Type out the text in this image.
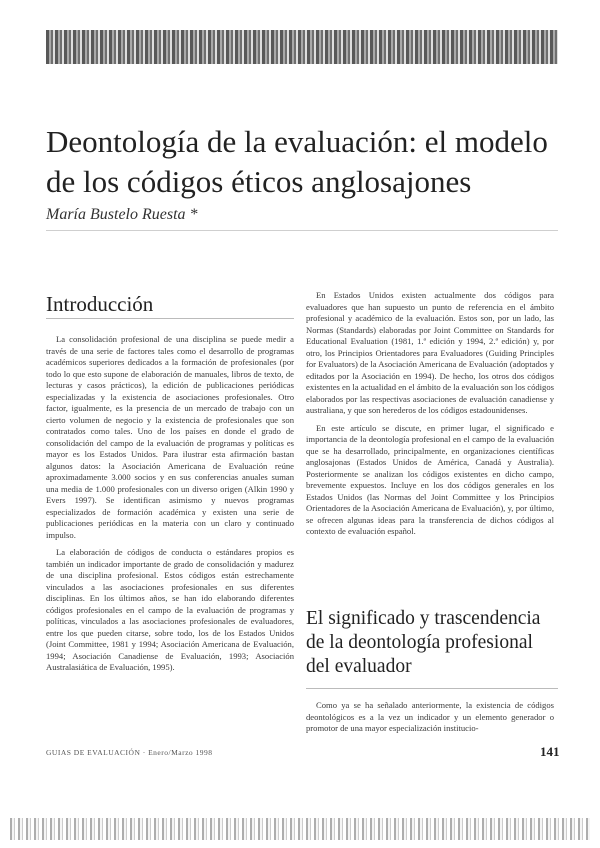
Deontología de la evaluación: el modelo de los códigos éticos anglosajones
María Bustelo Ruesta *
Introducción

La consolidación profesional de una disciplina se puede medir a través de una serie de factores tales como el desarrollo de programas académicos superiores dedicados a la formación de profesionales (por todo lo que esto supone de elaboración de manuales, libros de texto, de lecturas y casos prácticos), la edición de publicaciones periódicas especializadas y la existencia de asociaciones profesionales. Otro factor, igualmente, es la presencia de un mercado de trabajo con un cierto volumen de negocio y la existencia de profesionales que son contratados como tales. Uno de los países en donde el grado de consolidación del campo de la evaluación de programas y políticas es mayor es los Estados Unidos. Para ilustrar esta afirmación bastan algunos datos: la Asociación Americana de Evaluación reúne aproximadamente 3.000 socios y en sus conferencias anuales suman una media de 1.000 profesionales con un diverso origen (Alkin 1990 y Evers 1997). Se identifican asimismo y nuevos programas especializados de formación académica y existen una serie de publicaciones periódicas en la materia con un claro y continuado impulso.

La elaboración de códigos de conducta o estándares propios es también un indicador importante de grado de consolidación y madurez de una disciplina profesional. Estos códigos están estrechamente vinculados a las asociaciones profesionales en sus diferentes disciplinas. En los últimos años, se han ido elaborando diferentes códigos profesionales en el campo de la evaluación de programas y políticas, vinculados a las asociaciones profesionales de evaluadores, entre los que pueden citarse, sobre todo, los de los Estados Unidos (Joint Committee, 1981 y 1994; Asociación Americana de Evaluación, 1994; Asociación Canadiense de Evaluación, 1993; Asociación Australasiática de Evaluación, 1995).

En Estados Unidos existen actualmente dos códigos para evaluadores que han supuesto un punto de referencia en el ámbito profesional y académico de la evaluación. Estos son, por un lado, las Normas (Standards) elaboradas por Joint Committee on Standards for Educational Evaluation (1981, 1.ª edición y 1994, 2.ª edición) y, por otro, los Principios Orientadores para Evaluadores (Guiding Principles for Evaluators) de la Asociación Americana de Evaluación (adoptados y editados por la Asociación en 1994). De hecho, los otros dos códigos existentes en la actualidad en el ámbito de la evaluación son los códigos elaborados por las respectivas asociaciones de evaluación canadiense y australiana, y que son herederos de los códigos estadounidenses.

En este artículo se discute, en primer lugar, el significado e importancia de la deontología profesional en el campo de la evaluación que se ha desarrollado, principalmente, en organizaciones científicas anglosajonas (Estados Unidos de América, Canadá y Australia). Posteriormente se analizan los códigos existentes en dicho campo, brevemente expuestos. Incluye en los dos códigos generales en los Estados Unidos (las Normas del Joint Committee y los Principios Orientadores de la Asociación Americana de Evaluación), y, por último, se ofrecen algunas ideas para la transferencia de dichos códigos al contexto de evaluación español.

El significado y trascendencia de la deontología profesional del evaluador

Como ya se ha señalado anteriormente, la existencia de códigos deontológicos es a la vez un indicador y un elemento generador o promotor de una mayor especialización institucio-

GUIAS DE EVALUACIÓN · Enero/Marzo 1998	141
